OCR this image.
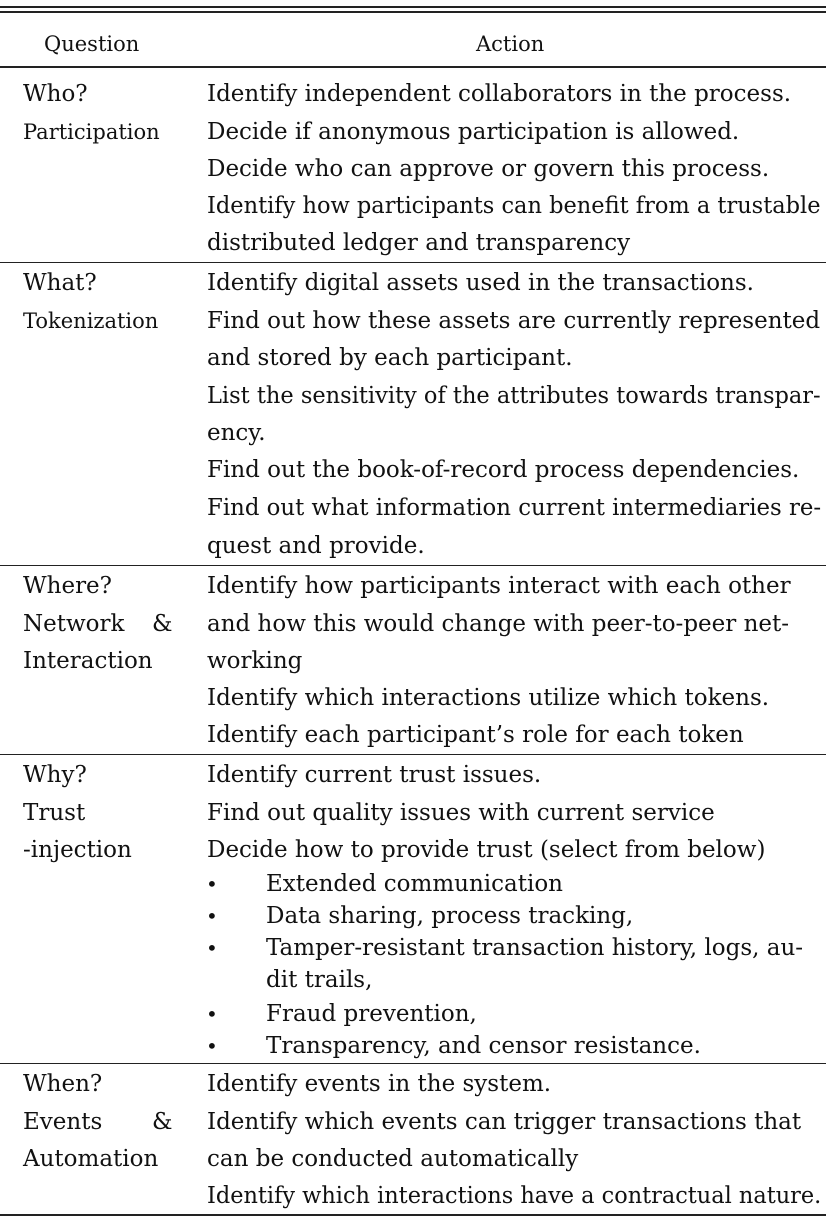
Question	Action
Who?
Participation
Identify independent collaborators in the process.
Decide if anonymous participation is allowed.
Decide who can approve or govern this process.
Identify how participants can benefit from a trustable
distributed ledger and transparency
What?
Tokenization
Identify digital assets used in the transactions.
Find out how these assets are currently represented
and stored by each participant.
List the sensitivity of the attributes towards transpar-
ency.
Find out the book-of-record process dependencies.
Find out what information current intermediaries re-
quest and provide.
Where?
Network &
Interaction
Identify how participants interact with each other
and how this would change with peer-to-peer net-
working
Identify which interactions utilize which tokens.
Identify each participant’s role for each token
Why?
Trust
-injection
Identify current trust issues.
Find out quality issues with current service
Decide how to provide trust (select from below)
• Extended communication
• Data sharing, process tracking,
• Tamper-resistant transaction history, logs, au-
dit trails,
• Fraud prevention,
• Transparency, and censor resistance.
When?
Events &
Automation
Identify events in the system.
Identify which events can trigger transactions that
can be conducted automatically
Identify which interactions have a contractual nature.
